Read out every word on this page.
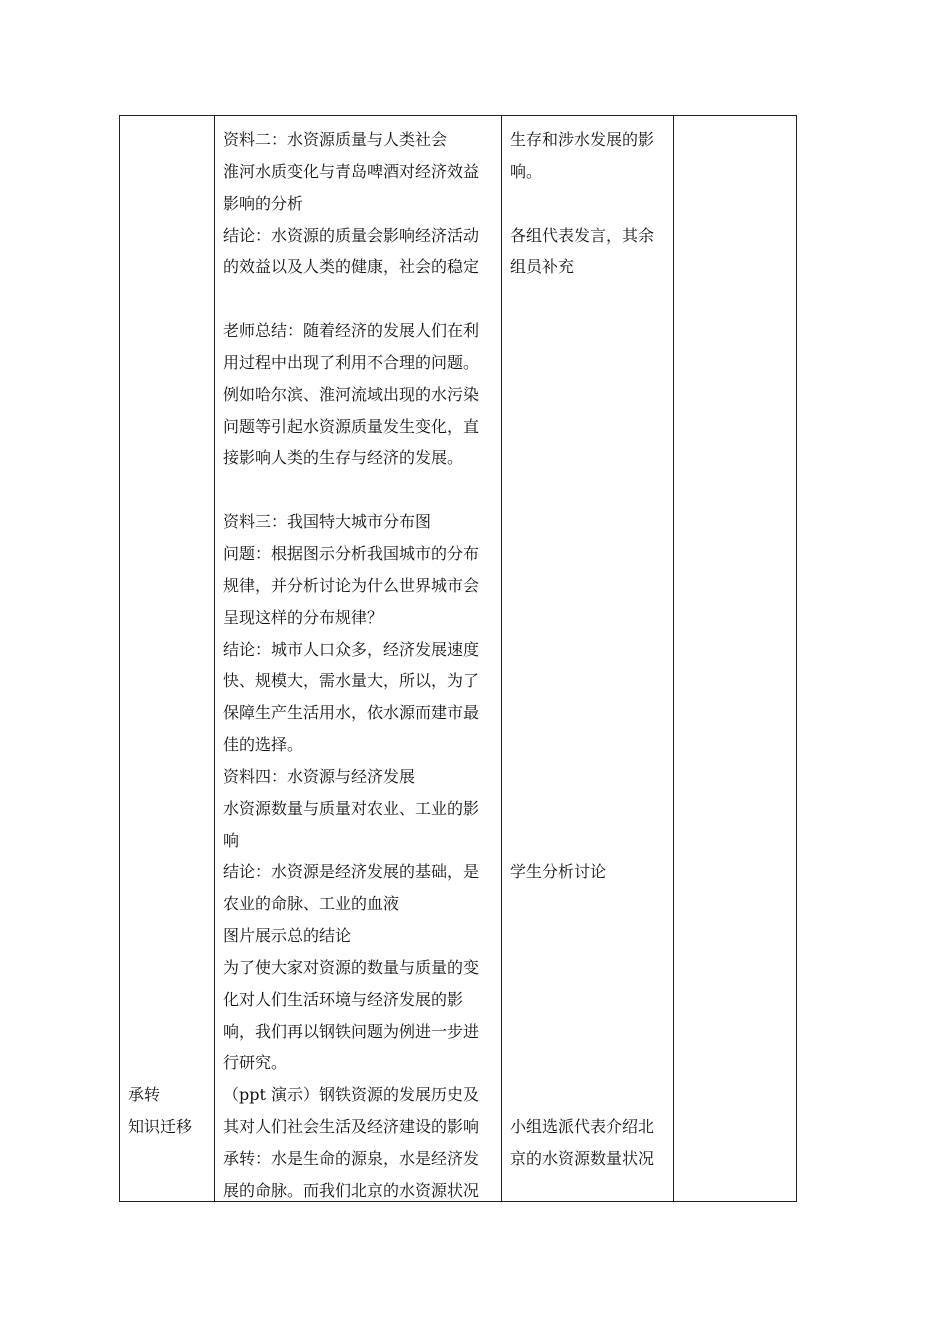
承转
知识迁移
资料二：水资源质量与人类社会
淮河水质变化与青岛啤酒对经济效益
影响的分析
结论：水资源的质量会影响经济活动
的效益以及人类的健康，社会的稳定
老师总结：随着经济的发展人们在利
用过程中出现了利用不合理的问题。
例如哈尔滨、淮河流域出现的水污染
问题等引起水资源质量发生变化，直
接影响人类的生存与经济的发展。
资料三：我国特大城市分布图
问题：根据图示分析我国城市的分布
规律，并分析讨论为什么世界城市会
呈现这样的分布规律？
结论：城市人口众多，经济发展速度
快、规模大，需水量大，所以，为了
保障生产生活用水，依水源而建市最
佳的选择。
资料四：水资源与经济发展
水资源数量与质量对农业、工业的影
响
结论：水资源是经济发展的基础，是
农业的命脉、工业的血液
图片展示总的结论
为了使大家对资源的数量与质量的变
化对人们生活环境与经济发展的影
响，我们再以钢铁问题为例进一步进
行研究。
（ppt 演示）钢铁资源的发展历史及
其对人们社会生活及经济建设的影响
承转：水是生命的源泉，水是经济发
展的命脉。而我们北京的水资源状况
生存和涉水发展的影
响。
各组代表发言，其余
组员补充
学生分析讨论
小组选派代表介绍北
京的水资源数量状况
